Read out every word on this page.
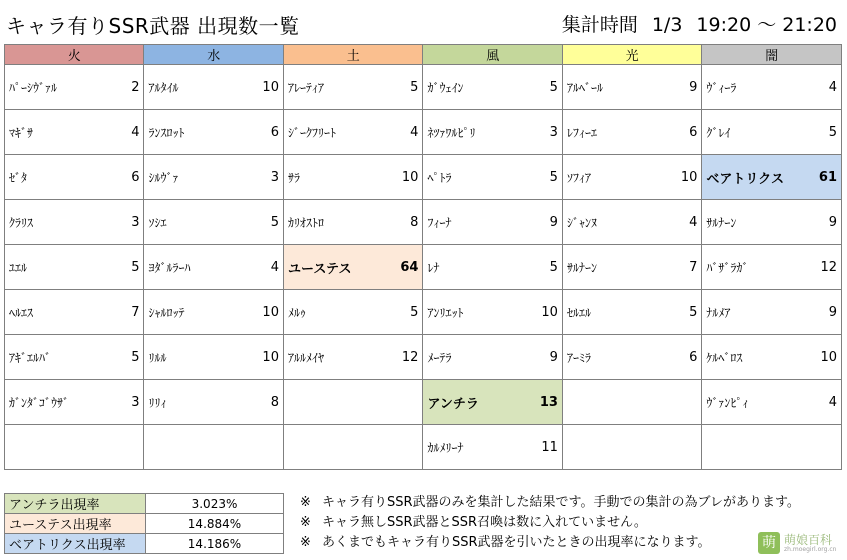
キャラ有りSSR武器 出現数一覧	集計時間 1/3 19:20 ～ 21:20
火		水		土		風		光		闇	
ﾊﾟｰｼｳﾞｧﾙ	2	ｱﾙﾀｲﾙ	10	ｱﾚｰﾃｨｱ	5	ｶﾞｳｪｲﾝ	5	ｱﾙﾍﾞｰﾙ	9	ｳﾞｨｰﾗ	4
ﾏｷﾞｻ	4	ﾗﾝｽﾛｯﾄ	6	ｼﾞｰｸﾌﾘｰﾄ	4	ﾈﾂｧﾜﾙﾋﾟﾘ	3	ﾚﾌｨｰｴ	6	ｸﾞﾚｲ	5
ｾﾞﾀ	6	ｼﾙｳﾞｧ	3	ｻﾗ	10	ﾍﾟﾄﾗ	5	ｿﾌｨｱ	10	ベアトリクス	61
ｸﾗﾘｽ	3	ｿｼｴ	5	ｶﾘｵｽﾄﾛ	8	ﾌｨｰﾅ	9	ｼﾞｬﾝﾇ	4	ｻﾙﾅｰﾝ	9
ﾕｴﾙ	5	ﾖﾀﾞﾙﾗｰﾊ	4	ユーステス	64	ﾚﾅ	5	ｻﾙﾅｰﾝ	7	ﾊﾞｻﾞﾗｶﾞ	12
ﾍﾙｴｽ	7	ｼｬﾙﾛｯﾃ	10	ﾒﾙｩ	5	ｱﾝﾘｴｯﾄ	10	ｾﾙｴﾙ	5	ﾅﾙﾒｱ	9
ｱｷﾞｴﾙﾊﾞ	5	ﾘﾙﾙ	10	ｱﾙﾙﾒｲﾔ	12	ﾒｰﾃﾗ	9	ｱｰﾐﾗ	6	ｹﾙﾍﾞﾛｽ	10
ｶﾞﾝﾀﾞｺﾞｳｻﾞ	3	ﾘﾘｨ	8			アンチラ	13			ｳﾞｧﾝﾋﾟｨ	4
						ｶﾙﾒﾘｰﾅ	11				
アンチラ出現率	3.023%
ユーステス出現率	14.884%
ベアトリクス出現率	14.186%
※ キャラ有りSSR武器のみを集計した結果です。手動での集計の為ブレがあります。
※ キャラ無しSSR武器とSSR召喚は数に入れていません。
※ あくまでもキャラ有りSSR武器を引いたときの出現率になります。	萌 萌娘百科
zh.moegirl.org.cn
